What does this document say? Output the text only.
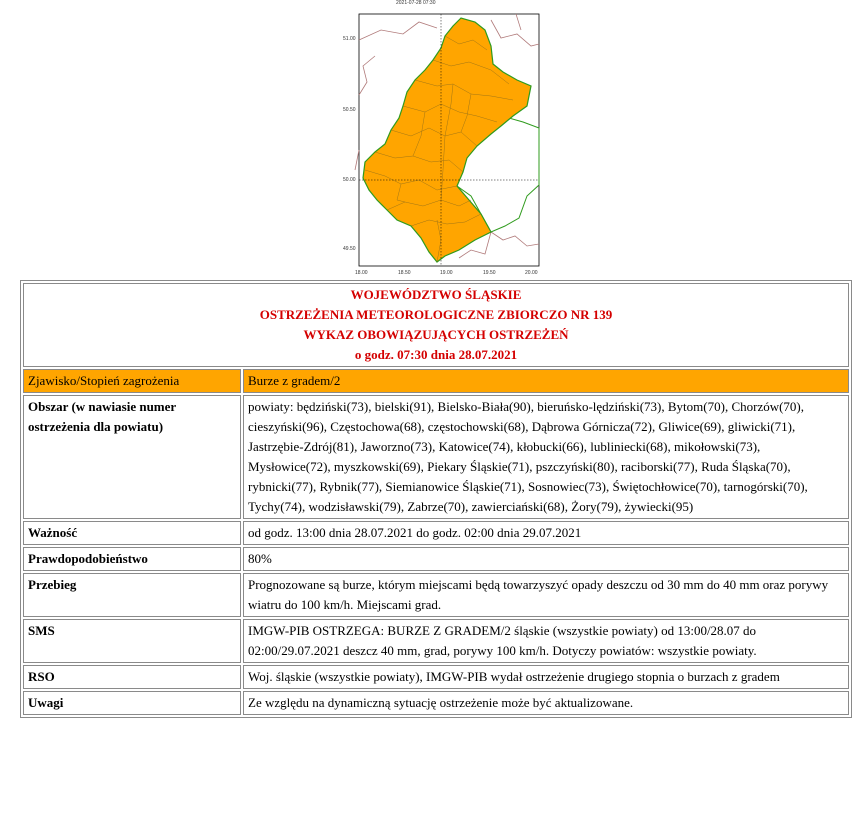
2021-07-28 07:30
51.00
50.50
50.00
49.50
18.00	18.50	19.00	19.50	20.00
WOJEWÓDZTWO ŚLĄSKIE
OSTRZEŻENIA METEOROLOGICZNE ZBIORCZO NR 139
WYKAZ OBOWIĄZUJĄCYCH OSTRZEŻEŃ
o godz. 07:30 dnia 28.07.2021	

Zjawisko/Stopień zagrożenia	Burze z gradem/2
Obszar (w nawiasie numer ostrzeżenia dla powiatu)	powiaty: będziński(73), bielski(91), Bielsko-Biała(90), bieruńsko-lędziński(73), Bytom(70), Chorzów(70), cieszyński(96), Częstochowa(68), częstochowski(68), Dąbrowa Górnicza(72), Gliwice(69), gliwicki(71), Jastrzębie-Zdrój(81), Jaworzno(73), Katowice(74), kłobucki(66), lubliniecki(68), mikołowski(73), Mysłowice(72), myszkowski(69), Piekary Śląskie(71), pszczyński(80), raciborski(77), Ruda Śląska(70), rybnicki(77), Rybnik(77), Siemianowice Śląskie(71), Sosnowiec(73), Świętochłowice(70), tarnogórski(70), Tychy(74), wodzisławski(79), Zabrze(70), zawierciański(68), Żory(79), żywiecki(95)
Ważność	od godz. 13:00 dnia 28.07.2021 do godz. 02:00 dnia 29.07.2021
Prawdopodobieństwo	80%
Przebieg	Prognozowane są burze, którym miejscami będą towarzyszyć opady deszczu od 30 mm do 40 mm oraz porywy wiatru do 100 km/h. Miejscami grad.
SMS	IMGW-PIB OSTRZEGA: BURZE Z GRADEM/2 śląskie (wszystkie powiaty) od 13:00/28.07 do 02:00/29.07.2021 deszcz 40 mm, grad, porywy 100 km/h. Dotyczy powiatów: wszystkie powiaty.
RSO	Woj. śląskie (wszystkie powiaty), IMGW-PIB wydał ostrzeżenie drugiego stopnia o burzach z gradem
Uwagi	Ze względu na dynamiczną sytuację ostrzeżenie może być aktualizowane.
